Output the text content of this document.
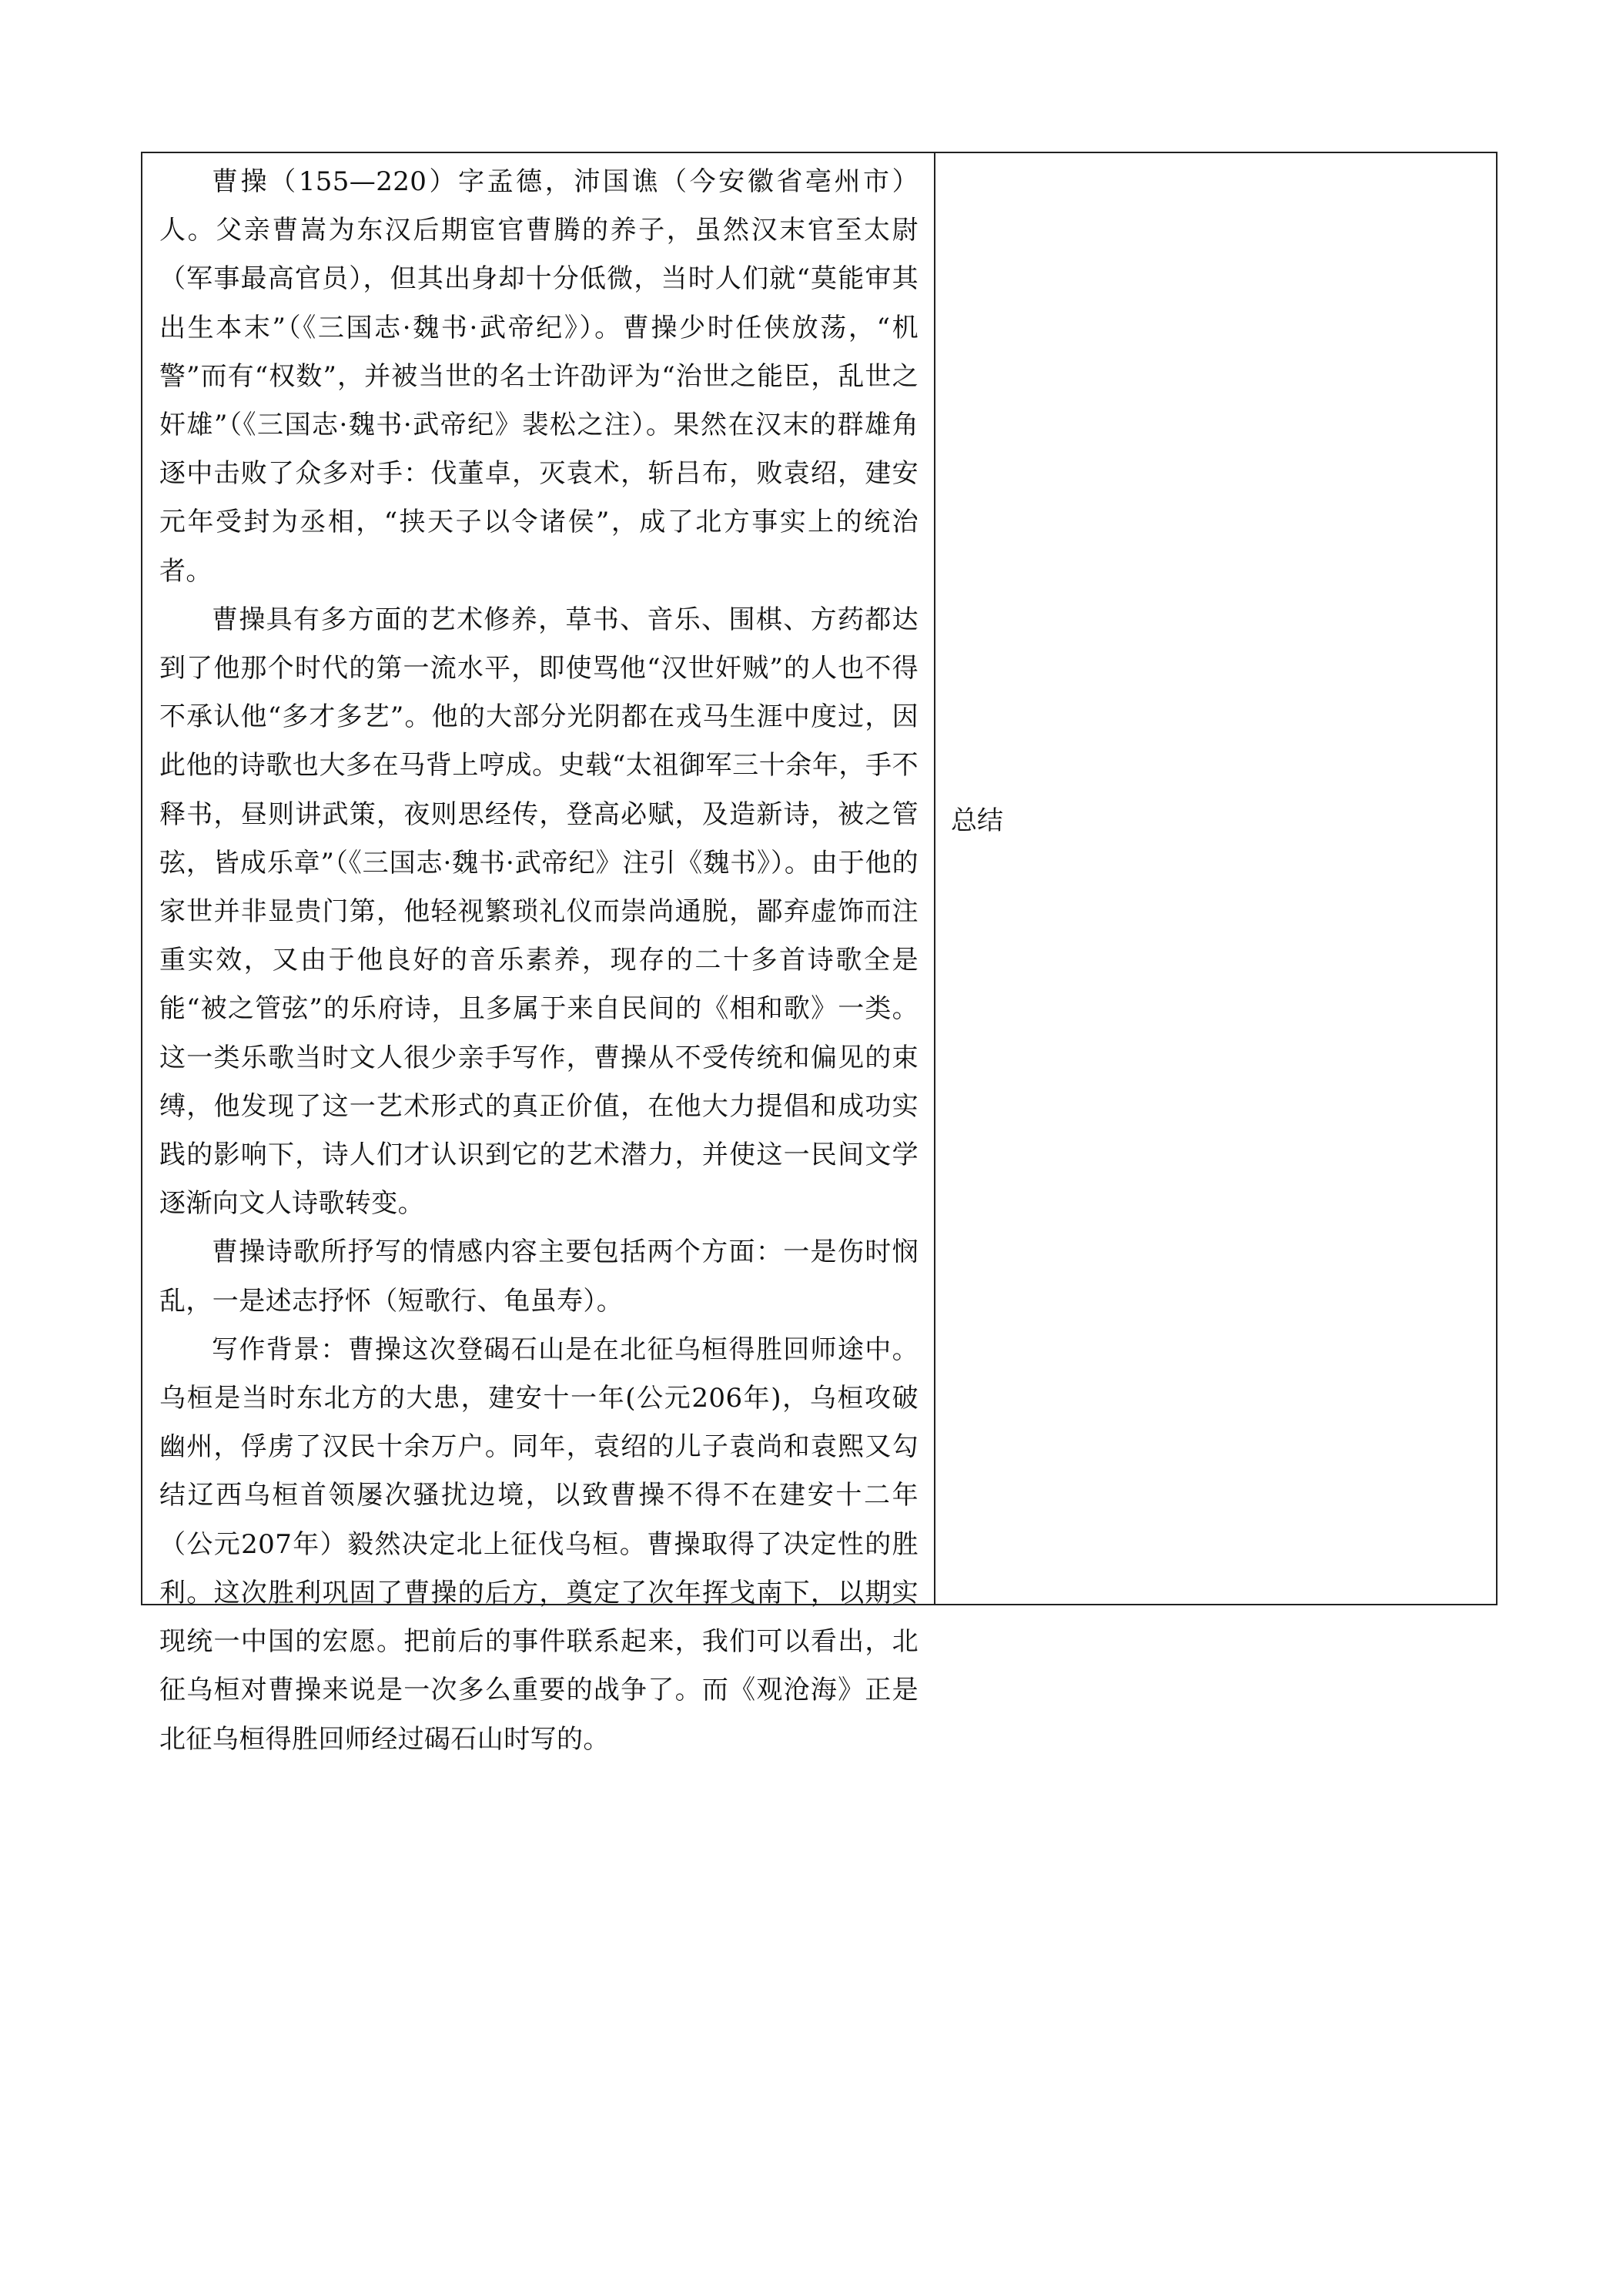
曹操（155—220）字孟德，沛国谯（今安徽省亳州市）人。父亲曹嵩为东汉后期宦官曹腾的养子，虽然汉末官至太尉（军事最高官员），但其出身却十分低微，当时人们就“莫能审其出生本末”（《三国志·魏书·武帝纪》）。曹操少时任侠放荡，“机警”而有“权数”，并被当世的名士许劭评为“治世之能臣，乱世之奸雄”（《三国志·魏书·武帝纪》裴松之注）。果然在汉末的群雄角逐中击败了众多对手：伐董卓，灭袁术，斩吕布，败袁绍，建安元年受封为丞相，“挟天子以令诸侯”，成了北方事实上的统治者。

曹操具有多方面的艺术修养，草书、音乐、围棋、方药都达到了他那个时代的第一流水平，即使骂他“汉世奸贼”的人也不得不承认他“多才多艺”。他的大部分光阴都在戎马生涯中度过，因此他的诗歌也大多在马背上哼成。史载“太祖御军三十余年，手不释书，昼则讲武策，夜则思经传，登高必赋，及造新诗，被之管弦，皆成乐章”（《三国志·魏书·武帝纪》注引《魏书》）。由于他的家世并非显贵门第，他轻视繁琐礼仪而崇尚通脱，鄙弃虚饰而注重实效，又由于他良好的音乐素养，现存的二十多首诗歌全是能“被之管弦”的乐府诗，且多属于来自民间的《相和歌》一类。这一类乐歌当时文人很少亲手写作，曹操从不受传统和偏见的束缚，他发现了这一艺术形式的真正价值，在他大力提倡和成功实践的影响下，诗人们才认识到它的艺术潜力，并使这一民间文学逐渐向文人诗歌转变。

曹操诗歌所抒写的情感内容主要包括两个方面：一是伤时悯乱，一是述志抒怀（短歌行、龟虽寿）。

写作背景：曹操这次登碣石山是在北征乌桓得胜回师途中。乌桓是当时东北方的大患，建安十一年(公元206年)，乌桓攻破幽州，俘虏了汉民十余万户。同年，袁绍的儿子袁尚和袁熙又勾结辽西乌桓首领屡次骚扰边境，以致曹操不得不在建安十二年（公元207年）毅然决定北上征伐乌桓。曹操取得了决定性的胜利。这次胜利巩固了曹操的后方，奠定了次年挥戈南下，以期实现统一中国的宏愿。把前后的事件联系起来，我们可以看出，北征乌桓对曹操来说是一次多么重要的战争了。而《观沧海》正是北征乌桓得胜回师经过碣石山时写的。

总结
